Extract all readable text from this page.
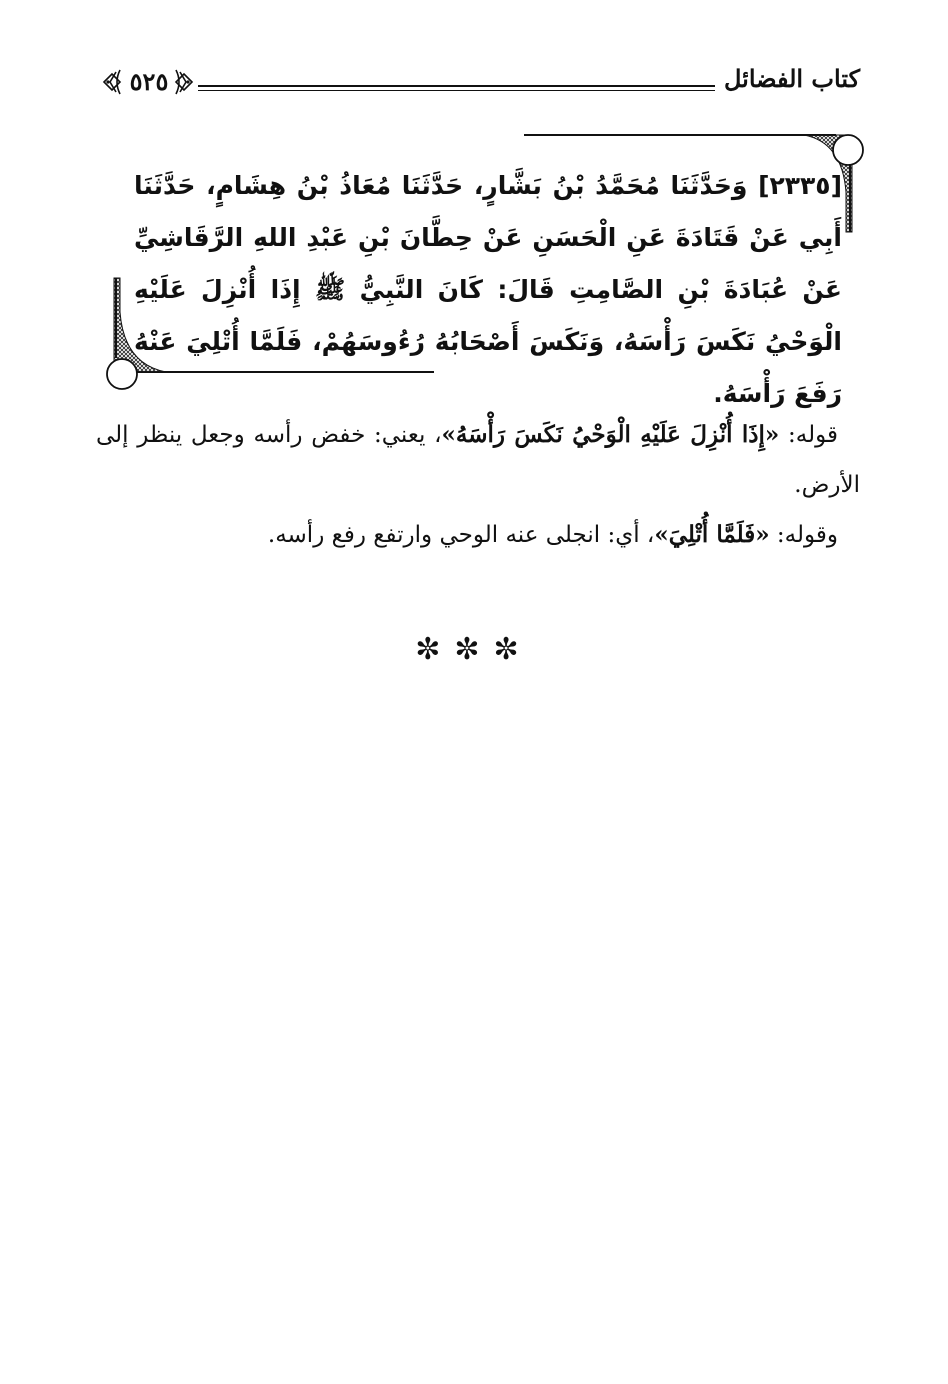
كتاب الفضائل
٥٢٥
[٢٣٣٥] وَحَدَّثَنَا مُحَمَّدُ بْنُ بَشَّارٍ، حَدَّثَنَا مُعَاذُ بْنُ هِشَامٍ، حَدَّثَنَا أَبِي عَنْ قَتَادَةَ عَنِ الْحَسَنِ عَنْ حِطَّانَ بْنِ عَبْدِ اللهِ الرَّقَاشِيِّ عَنْ عُبَادَةَ بْنِ الصَّامِتِ قَالَ: كَانَ النَّبِيُّ ﷺ إِذَا أُنْزِلَ عَلَيْهِ الْوَحْيُ نَكَسَ رَأْسَهُ، وَنَكَسَ أَصْحَابُهُ رُءُوسَهُمْ، فَلَمَّا أُتْلِيَ عَنْهُ رَفَعَ رَأْسَهُ.

قوله: «إِذَا أُنْزِلَ عَلَيْهِ الْوَحْيُ نَكَسَ رَأْسَهُ»، يعني: خفض رأسه وجعل ينظر إلى الأرض.

وقوله: «فَلَمَّا أُتْلِيَ»، أي: انجلى عنه الوحي وارتفع رفع رأسه.

✼✼✼
